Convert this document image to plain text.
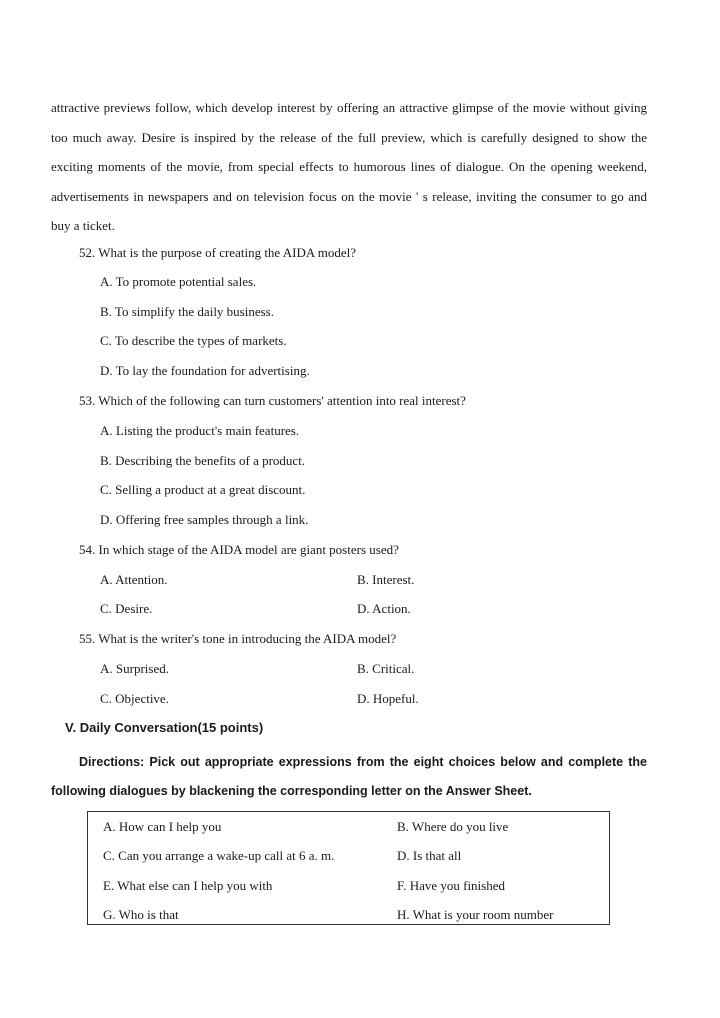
attractive previews follow, which develop interest by offering an attractive glimpse of the movie without giving too much away. Desire is inspired by the release of the full preview, which is carefully designed to show the exciting moments of the movie, from special effects to humorous lines of dialogue. On the opening weekend, advertisements in newspapers and on television focus on the movie ' s release, inviting the consumer to go and buy a ticket.

52. What is the purpose of creating the AIDA model?
A. To promote potential sales.
B. To simplify the daily business.
C. To describe the types of markets.
D. To lay the foundation for advertising.
53. Which of the following can turn customers' attention into real interest?
A. Listing the product's main features.
B. Describing the benefits of a product.
C. Selling a product at a great discount.
D. Offering free samples through a link.
54. In which stage of the AIDA model are giant posters used?
A. Attention.	B. Interest.
C. Desire.	D. Action.
55. What is the writer's tone in introducing the AIDA model?
A. Surprised.	B. Critical.
C. Objective.	D. Hopeful.
V. Daily Conversation(15 points)

Directions: Pick out appropriate expressions from the eight choices below and complete the following dialogues by blackening the corresponding letter on the Answer Sheet.

A. How can I help you	B. Where do you live
C. Can you arrange a wake-up call at 6 a. m.	D. Is that all
E. What else can I help you with	F. Have you finished
G. Who is that	H. What is your room number
